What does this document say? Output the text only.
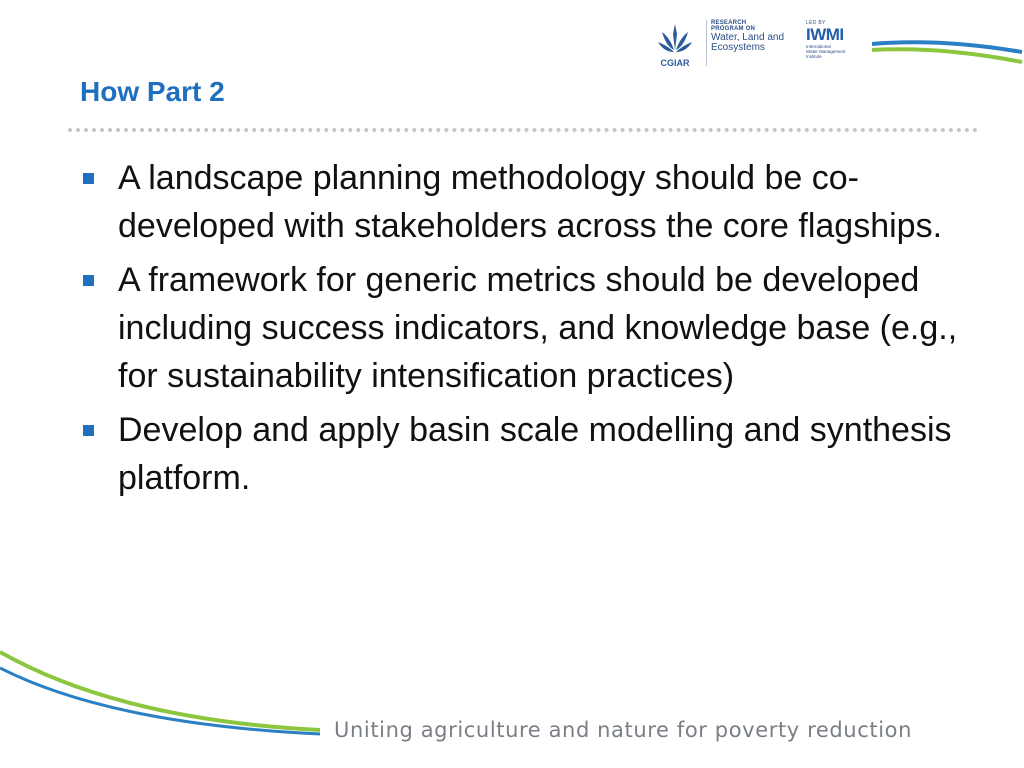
CGIAR
RESEARCH
PROGRAM ON
Water, Land and
Ecosystems
LED BY
IWMI
International
Water Management
Institute
How Part 2
A landscape planning methodology should be co-developed with stakeholders across the core flagships.
A framework for generic metrics should be developed including success indicators, and knowledge base (e.g., for sustainability intensification practices)
Develop and apply basin scale modelling and synthesis platform.
Uniting agriculture and nature for poverty reduction
